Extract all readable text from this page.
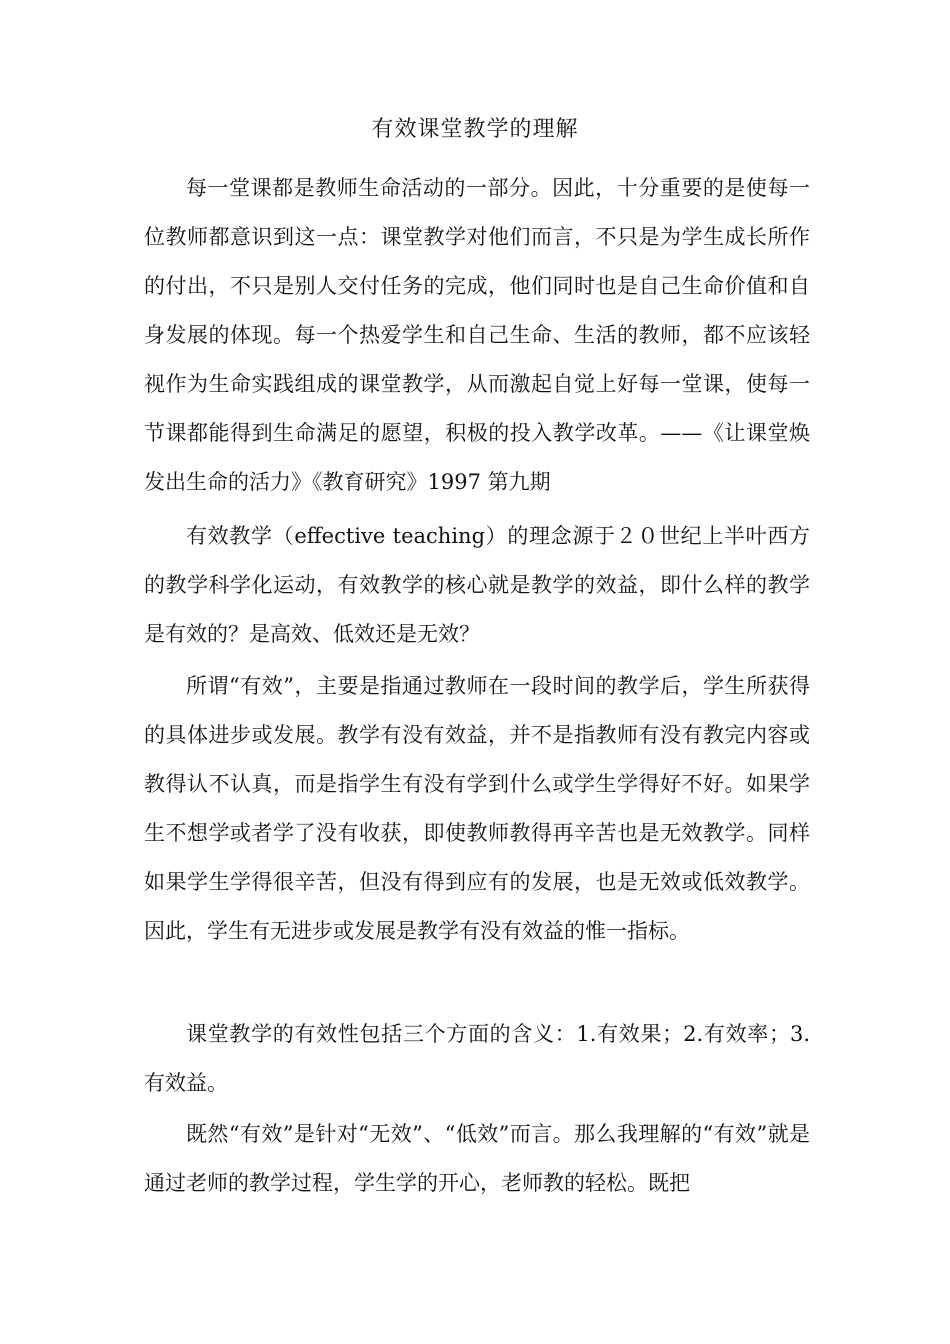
有效课堂教学的理解

每一堂课都是教师生命活动的一部分。因此，十分重要的是使每一位教师都意识到这一点：课堂教学对他们而言，不只是为学生成长所作的付出，不只是别人交付任务的完成，他们同时也是自己生命价值和自身发展的体现。每一个热爱学生和自己生命、生活的教师，都不应该轻视作为生命实践组成的课堂教学，从而激起自觉上好每一堂课，使每一节课都能得到生命满足的愿望，积极的投入教学改革。——《让课堂焕发出生命的活力》《教育研究》1997 第九期

有效教学（effective teaching）的理念源于２０世纪上半叶西方的教学科学化运动，有效教学的核心就是教学的效益，即什么样的教学是有效的？是高效、低效还是无效？

所谓“有效”，主要是指通过教师在一段时间的教学后，学生所获得的具体进步或发展。教学有没有效益，并不是指教师有没有教完内容或教得认不认真，而是指学生有没有学到什么或学生学得好不好。如果学生不想学或者学了没有收获，即使教师教得再辛苦也是无效教学。同样如果学生学得很辛苦，但没有得到应有的发展，也是无效或低效教学。因此，学生有无进步或发展是教学有没有效益的惟一指标。

课堂教学的有效性包括三个方面的含义：1.有效果；2.有效率；3.有效益。

既然“有效”是针对“无效”、“低效”而言。那么我理解的“有效”就是通过老师的教学过程，学生学的开心，老师教的轻松。既把
